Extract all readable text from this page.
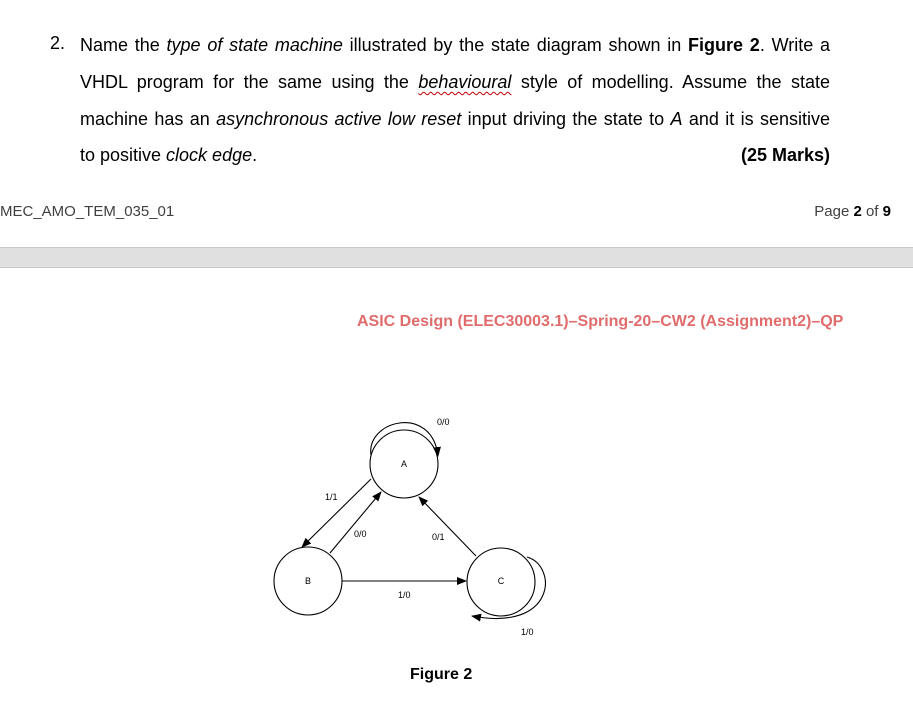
2. Name the type of state machine illustrated by the state diagram shown in Figure 2. Write a
VHDL program for the same using the behavioural style of modelling. Assume the state
machine has an asynchronous active low reset input driving the state to A and it is sensitive
to positive clock edge.	(25 Marks)
MEC_AMO_TEM_035_01	Page 2 of 9
ASIC Design (ELEC30003.1)–Spring-20–CW2 (Assignment2)–QP
A
B	C
0/0
1/1
0/0	0/1
1/0
1/0
Figure 2
